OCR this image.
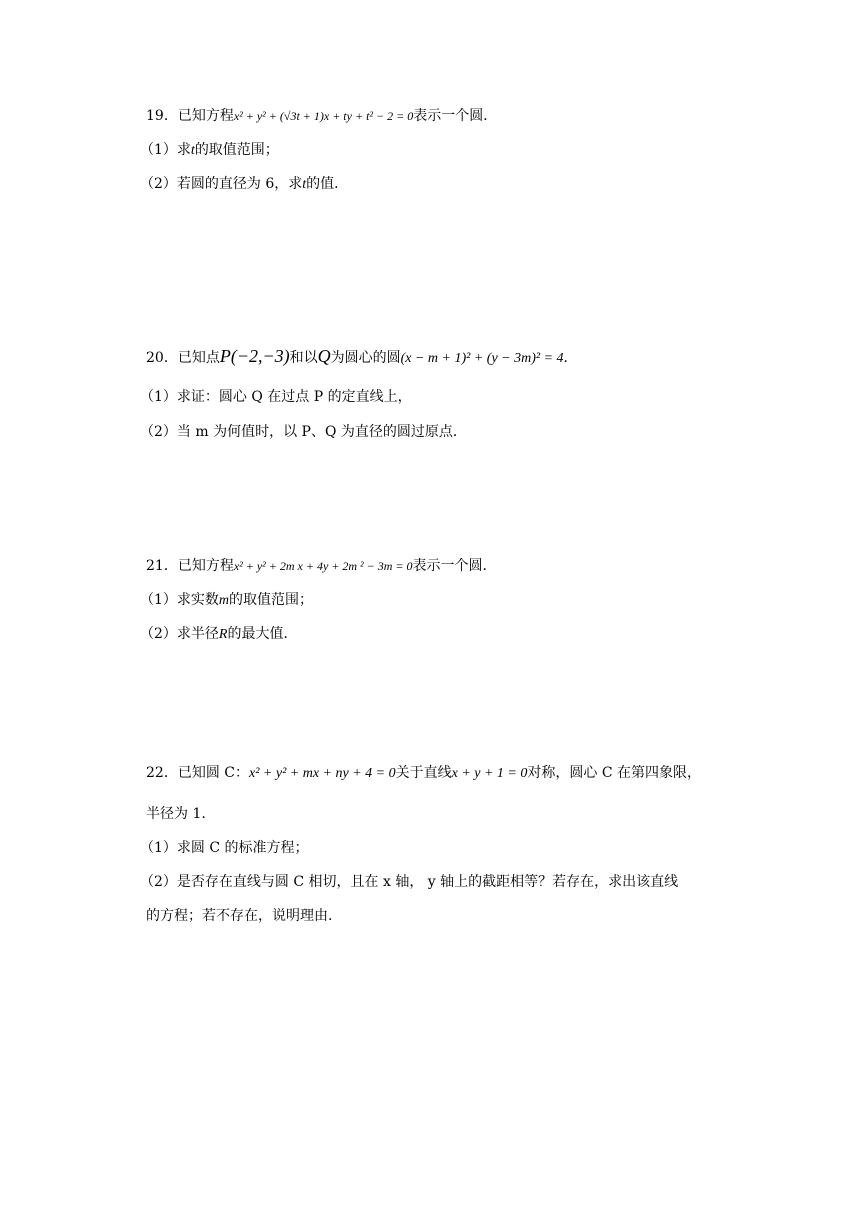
19．已知方程x² + y² + (√3t + 1)x + ty + t² − 2 = 0表示一个圆．
（1）求t的取值范围；
（2）若圆的直径为 6，求t的值．
20．已知点P(−2,−3)和以Q为圆心的圆(x − m + 1)² + (y − 3m)² = 4．
（1）求证：圆心 Q 在过点 P 的定直线上，
（2）当 m 为何值时，以 P、Q 为直径的圆过原点．
21．已知方程x² + y² + 2m x + 4y + 2m ² − 3m = 0表示一个圆．
（1）求实数m的取值范围；
（2）求半径R的最大值．
22．已知圆 C：x² + y² + mx + ny + 4 = 0关于直线x + y + 1 = 0对称，圆心 C 在第四象限，
半径为 1.
（1）求圆 C 的标准方程；
（2）是否存在直线与圆 C 相切，且在 x 轴， y 轴上的截距相等？若存在，求出该直线
的方程；若不存在，说明理由.
